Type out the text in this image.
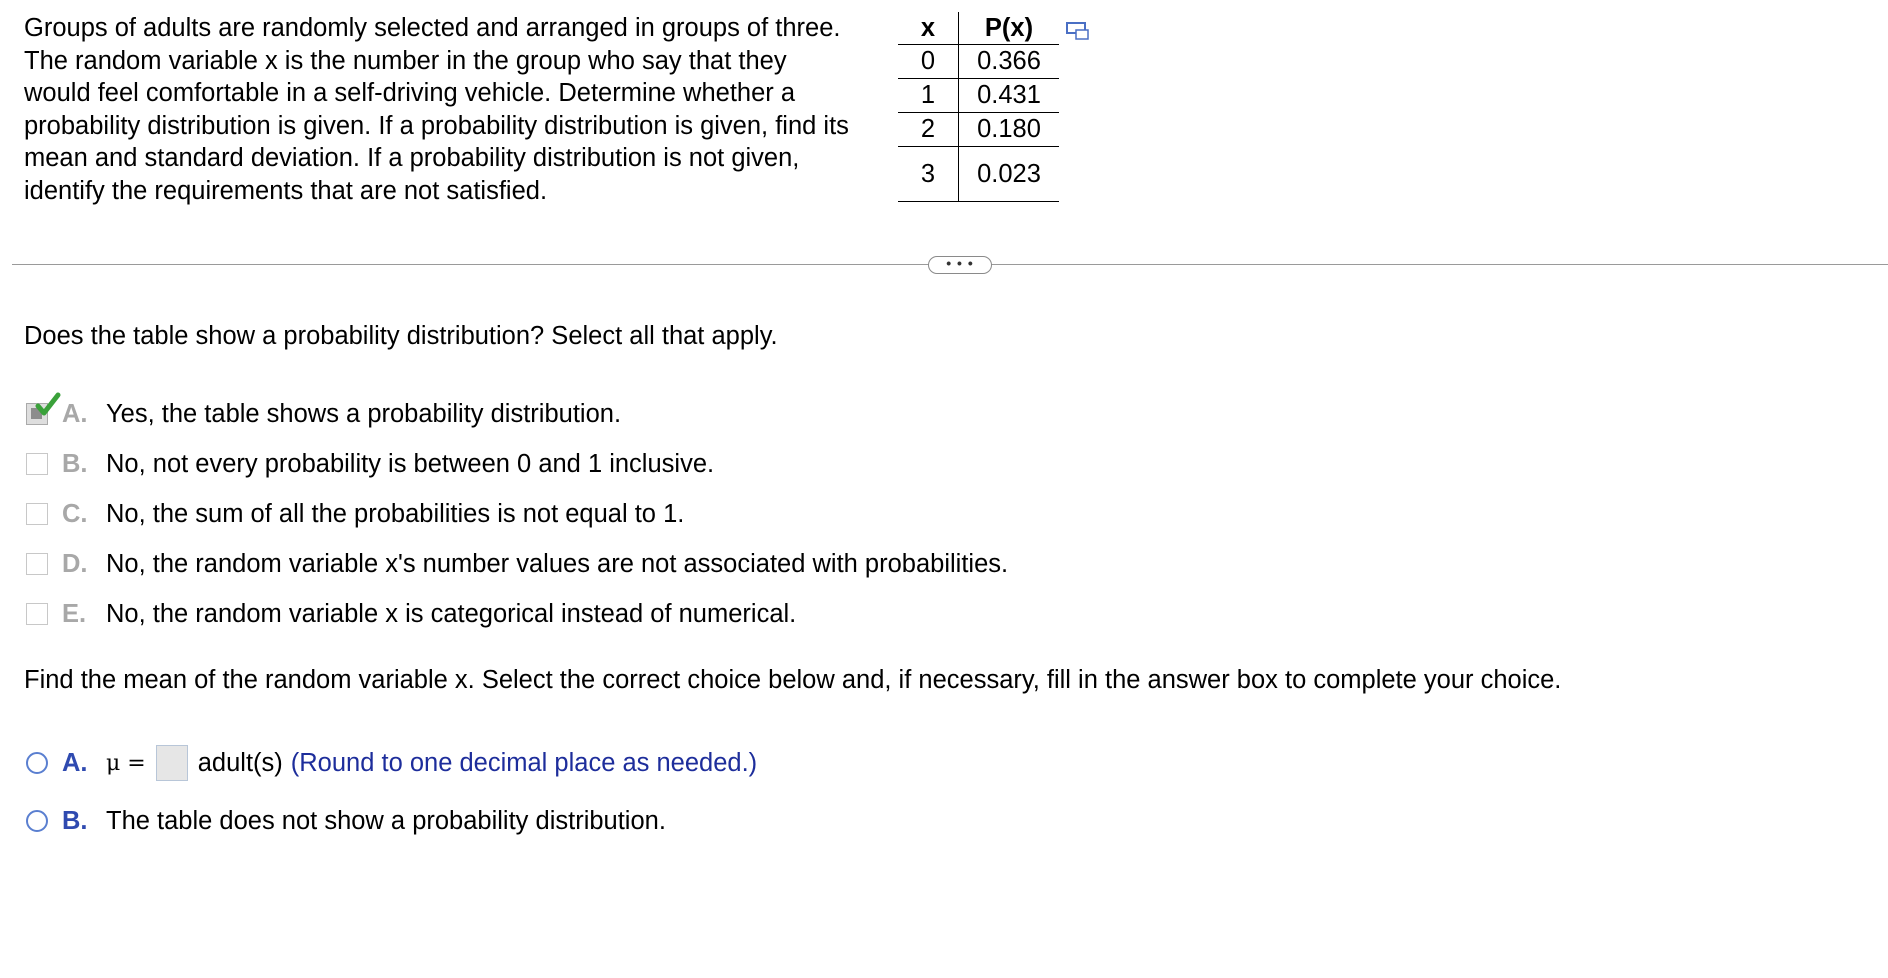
Groups of adults are randomly selected and arranged in groups of three.
The random variable x is the number in the group who say that they
would feel comfortable in a self-driving vehicle. Determine whether a
probability distribution is given. If a probability distribution is given, find its
mean and standard deviation. If a probability distribution is not given,
identify the requirements that are not satisfied.
x	P(x)
0	0.366
1	0.431
2	0.180
3	0.023
• • •
Does the table show a probability distribution? Select all that apply.
A. Yes, the table shows a probability distribution.
B. No, not every probability is between 0 and 1 inclusive.
C. No, the sum of all the probabilities is not equal to 1.
D. No, the random variable x's number values are not associated with probabilities.
E. No, the random variable x is categorical instead of numerical.
Find the mean of the random variable x. Select the correct choice below and, if necessary, fill in the answer box to complete your choice.
A. μ = adult(s) (Round to one decimal place as needed.)
B. The table does not show a probability distribution.
